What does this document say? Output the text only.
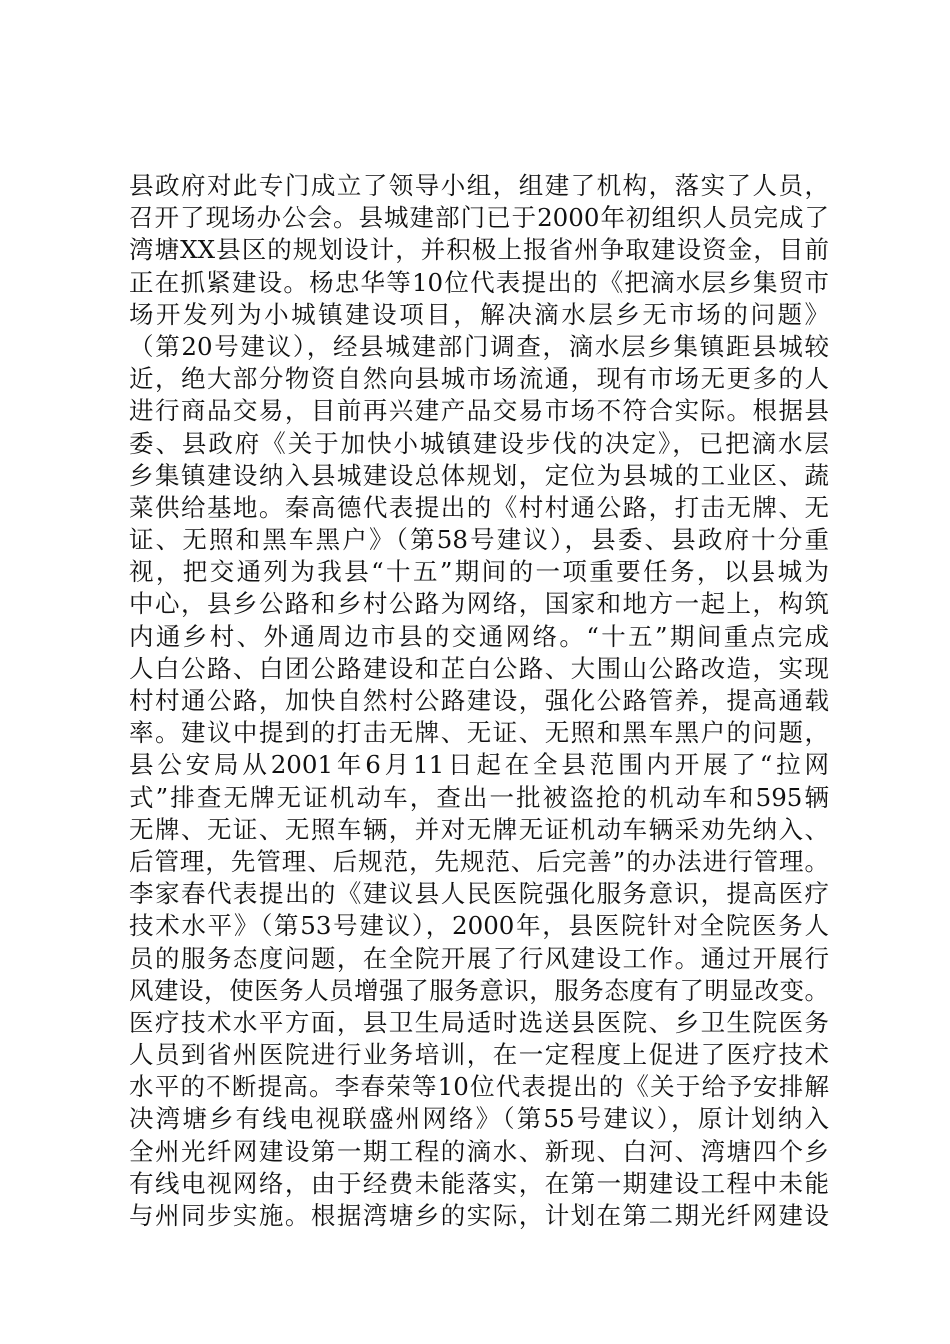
县政府对此专门成立了领导小组，组建了机构，落实了人员，
召开了现场办公会。县城建部门已于2000年初组织人员完成了
湾塘XX县区的规划设计，并积极上报省州争取建设资金，目前
正在抓紧建设。杨忠华等10位代表提出的《把滴水层乡集贸市
场开发列为小城镇建设项目，解决滴水层乡无市场的问题》
（第20号建议），经县城建部门调查，滴水层乡集镇距县城较
近，绝大部分物资自然向县城市场流通，现有市场无更多的人
进行商品交易，目前再兴建产品交易市场不符合实际。根据县
委、县政府《关于加快小城镇建设步伐的决定》，已把滴水层
乡集镇建设纳入县城建设总体规划，定位为县城的工业区、蔬
菜供给基地。秦高德代表提出的《村村通公路，打击无牌、无
证、无照和黑车黑户》（第58号建议），县委、县政府十分重
视，把交通列为我县“十五”期间的一项重要任务，以县城为
中心，县乡公路和乡村公路为网络，国家和地方一起上，构筑
内通乡村、外通周边市县的交通网络。“十五”期间重点完成
人白公路、白团公路建设和芷白公路、大围山公路改造，实现
村村通公路，加快自然村公路建设，强化公路管养，提高通载
率。建议中提到的打击无牌、无证、无照和黑车黑户的问题，
县公安局从2001年6月11日起在全县范围内开展了“拉网
式”排查无牌无证机动车，查出一批被盗抢的机动车和595辆
无牌、无证、无照车辆，并对无牌无证机动车辆采劝先纳入、
后管理，先管理、后规范，先规范、后完善”的办法进行管理。
李家春代表提出的《建议县人民医院强化服务意识，提高医疗
技术水平》（第53号建议），2000年，县医院针对全院医务人
员的服务态度问题，在全院开展了行风建设工作。通过开展行
风建设，使医务人员增强了服务意识，服务态度有了明显改变。
医疗技术水平方面，县卫生局适时选送县医院、乡卫生院医务
人员到省州医院进行业务培训，在一定程度上促进了医疗技术
水平的不断提高。李春荣等10位代表提出的《关于给予安排解
决湾塘乡有线电视联盛州网络》（第55号建议），原计划纳入
全州光纤网建设第一期工程的滴水、新现、白河、湾塘四个乡
有线电视网络，由于经费未能落实，在第一期建设工程中未能
与州同步实施。根据湾塘乡的实际，计划在第二期光纤网建设
